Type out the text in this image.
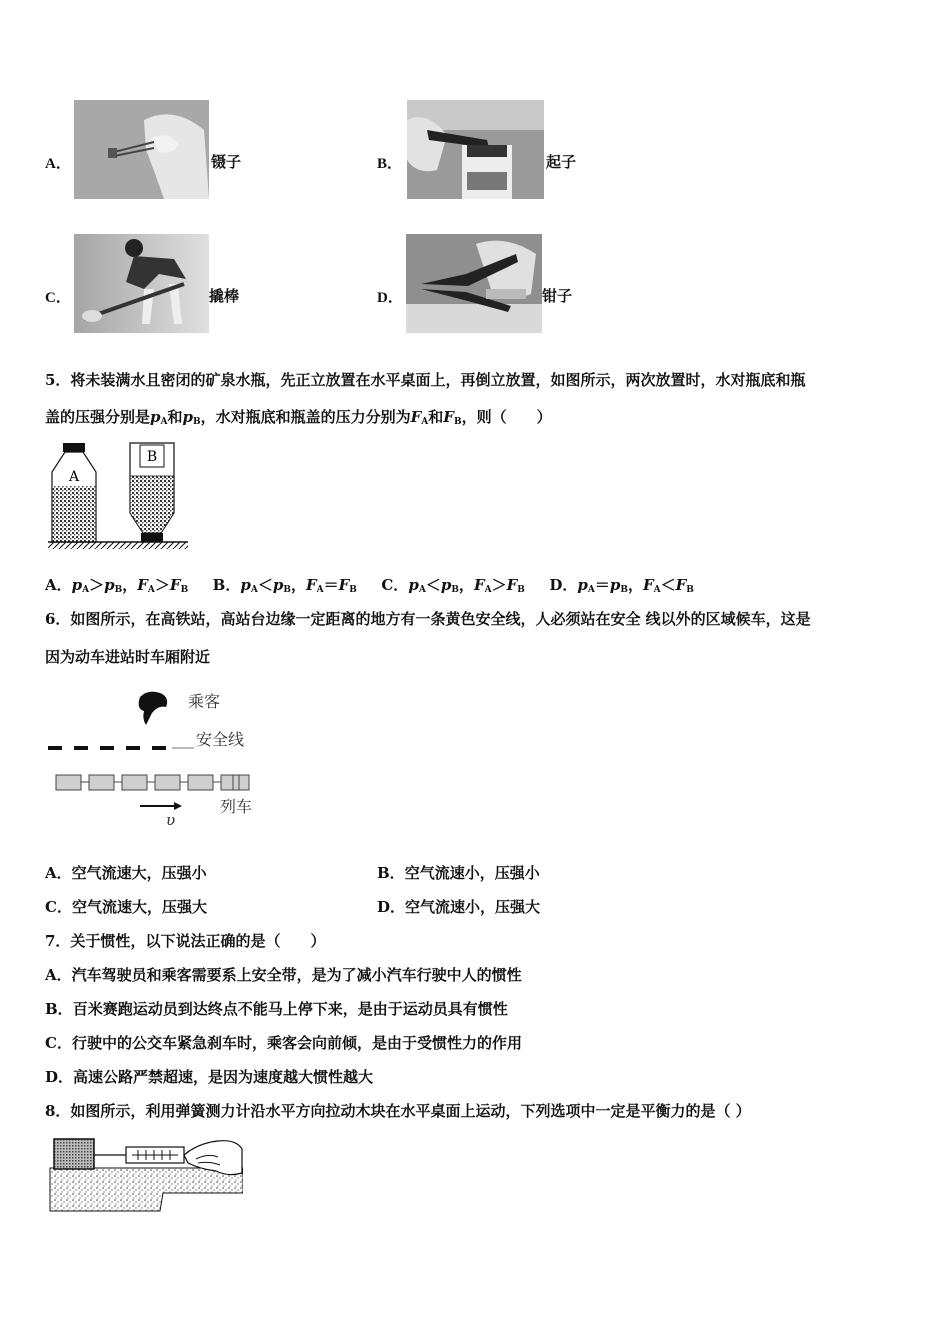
A．	镊子	B．	起子
C．	撬棒	D．	钳子
5．将未装满水且密闭的矿泉水瓶，先正立放置在水平桌面上，再倒立放置，如图所示，两次放置时，水对瓶底和瓶
盖的压强分别是$p_A$和$p_B$，水对瓶底和瓶盖的压力分别为$F_A$和$F_B$，则（　　）
A
B
A．$p_A>p_B$，$F_A>F_B$ B．$p_A<p_B$，$F_A=F_B$ C．$p_A<p_B$，$F_A>F_B$ D．$p_A=p_B$，$F_A<F_B$
6．如图所示，在高铁站，高站台边缘一定距离的地方有一条黄色安全线，人必须站在安全 线以外的区域候车，这是
因为动车进站时车厢附近
乘客
安全线
υ
列车
A．空气流速大，压强小	B．空气流速小，压强小
C．空气流速大，压强大	D．空气流速小，压强大
7．关于惯性，以下说法正确的是（　　）
A．汽车驾驶员和乘客需要系上安全带，是为了减小汽车行驶中人的惯性
B．百米赛跑运动员到达终点不能马上停下来，是由于运动员具有惯性
C．行驶中的公交车紧急刹车时，乘客会向前倾，是由于受惯性力的作用
D．高速公路严禁超速，是因为速度越大惯性越大
8．如图所示，利用弹簧测力计沿水平方向拉动木块在水平桌面上运动，下列选项中一定是平衡力的是（ ）
